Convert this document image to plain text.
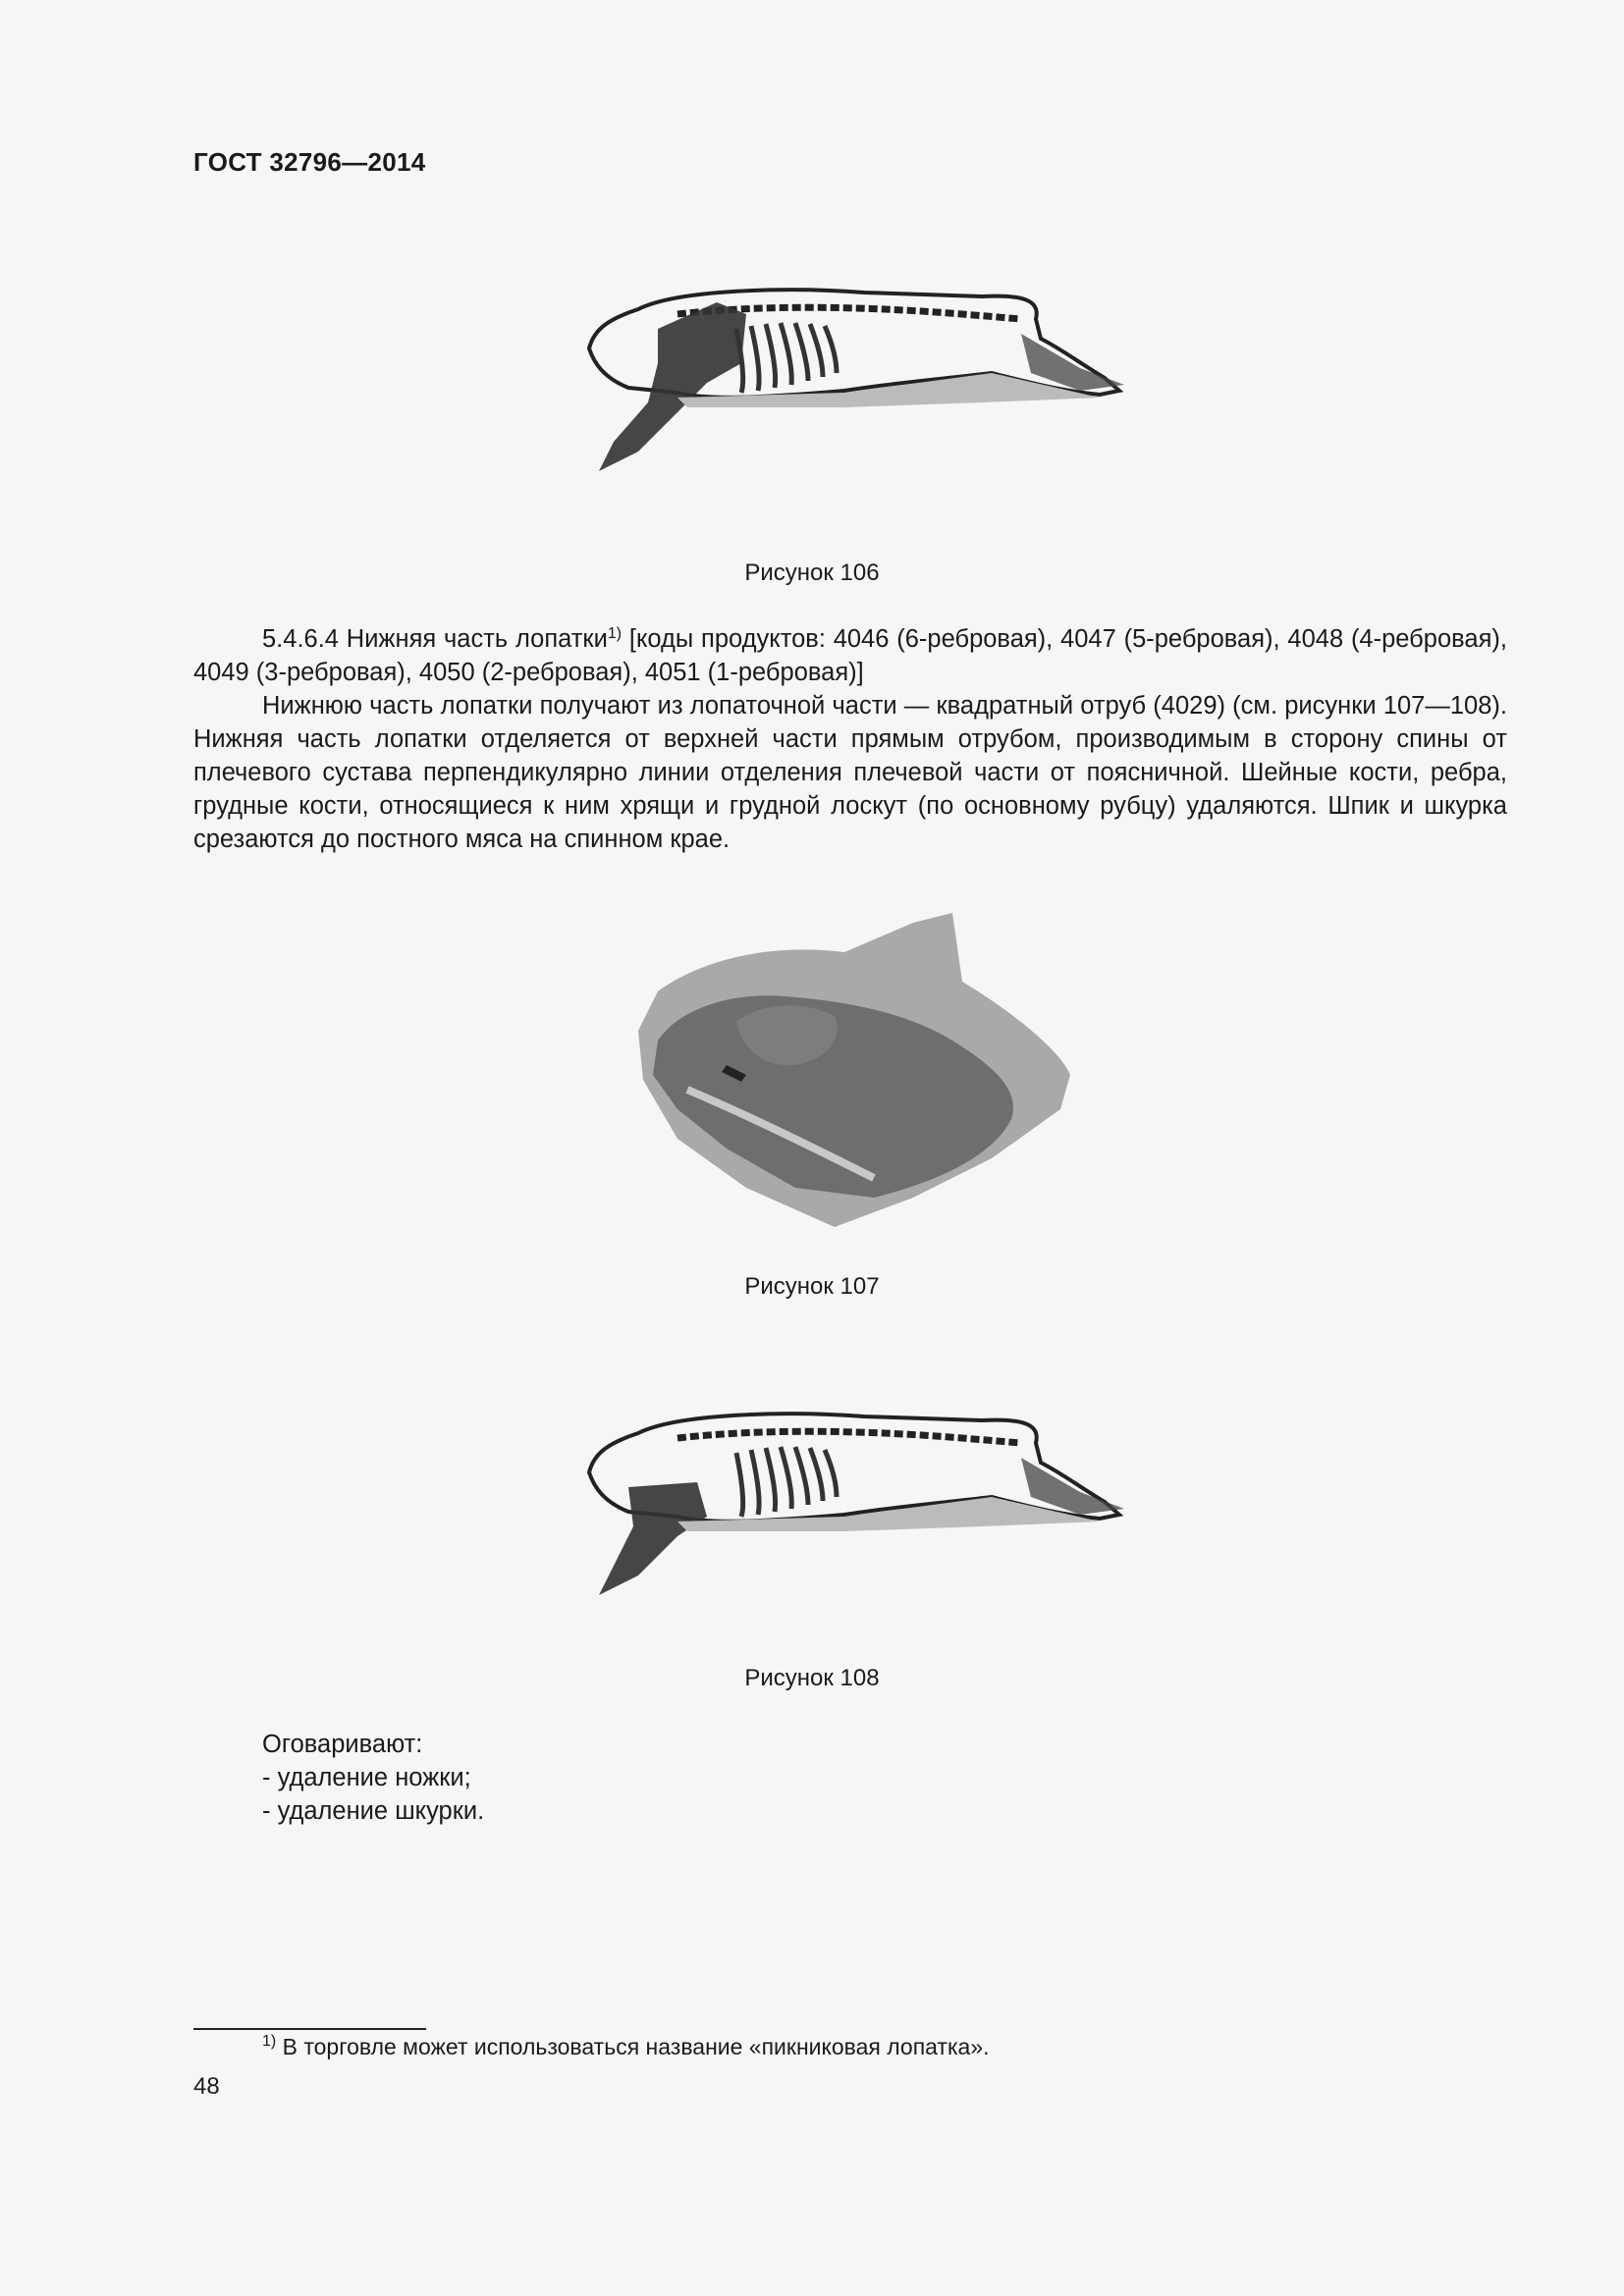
ГОСТ 32796—2014
Рисунок 106

5.4.6.4 Нижняя часть лопатки$^{1)}$ [коды продуктов: 4046 (6-ребровая), 4047 (5-ребровая), 4048 (4-ребровая), 4049 (3-ребровая), 4050 (2-ребровая), 4051 (1-ребровая)]

Нижнюю часть лопатки получают из лопаточной части — квадратный отруб (4029) (см. рисунки 107—108). Нижняя часть лопатки отделяется от верхней части прямым отрубом, производимым в сторону спины от плечевого сустава перпендикулярно линии отделения плечевой части от поясничной. Шейные кости, ребра, грудные кости, относящиеся к ним хрящи и грудной лоскут (по основному рубцу) удаляются. Шпик и шкурка срезаются до постного мяса на спинном крае.

Рисунок 107
Рисунок 108
Оговаривают:
- удаление ножки;
- удаление шкурки.
$^{1)}$ В торговле может использоваться название «пикниковая лопатка».
48
